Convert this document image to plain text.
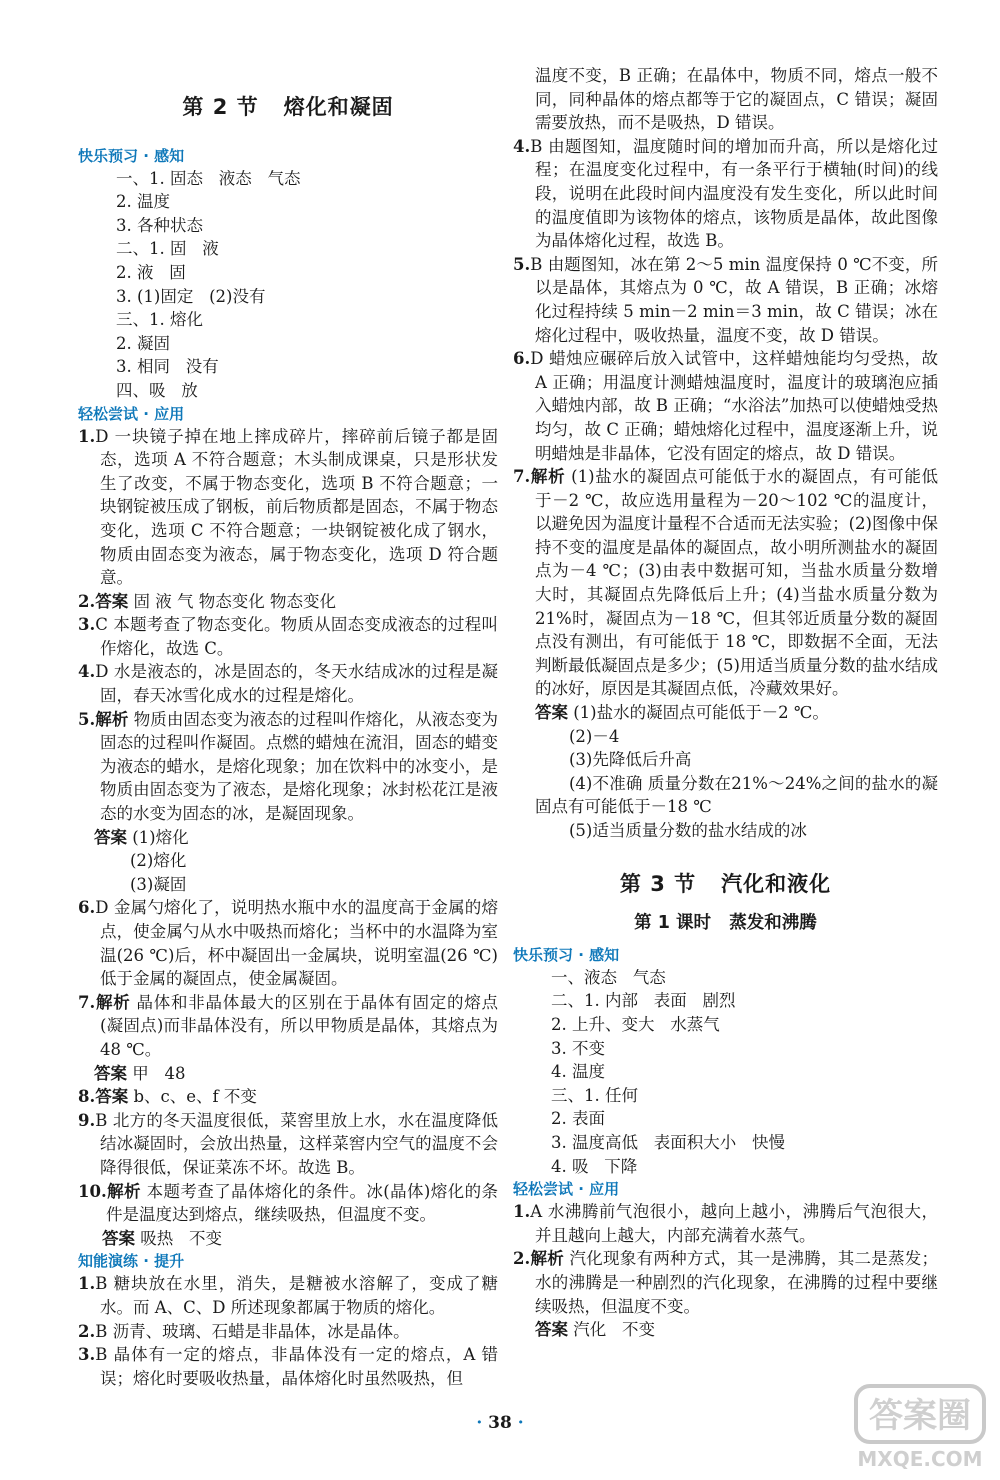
第 2 节   熔化和凝固
快乐预习 · 感知
一、1. 固态   液态   气态
2. 温度
3. 各种状态
二、1. 固   液
2. 液   固
3. (1)固定   (2)没有
三、1. 熔化
2. 凝固
3. 相同   没有
四、吸   放
轻松尝试 · 应用
1.D 一块镜子掉在地上摔成碎片，摔碎前后镜子都是固态，选项 A 不符合题意；木头制成课桌，只是形状发生了改变，不属于物态变化，选项 B 不符合题意；一块钢锭被压成了钢板，前后物质都是固态，不属于物态变化，选项 C 不符合题意；一块钢锭被化成了钢水，物质由固态变为液态，属于物态变化，选项 D 符合题意。
2.答案 固 液 气 物态变化 物态变化
3.C 本题考查了物态变化。物质从固态变成液态的过程叫作熔化，故选 C。
4.D 水是液态的，冰是固态的，冬天水结成冰的过程是凝固，春天冰雪化成水的过程是熔化。
5.解析 物质由固态变为液态的过程叫作熔化，从液态变为固态的过程叫作凝固。点燃的蜡烛在流泪，固态的蜡变为液态的蜡水，是熔化现象；加在饮料中的冰变小，是物质由固态变为了液态，是熔化现象；冰封松花江是液态的水变为固态的冰，是凝固现象。
答案 (1)熔化
(2)熔化
(3)凝固
6.D 金属勺熔化了，说明热水瓶中水的温度高于金属的熔点，使金属勺从水中吸热而熔化；当杯中的水温降为室温(26 ℃)后，杯中凝固出一金属块，说明室温(26 ℃)低于金属的凝固点，使金属凝固。
7.解析 晶体和非晶体最大的区别在于晶体有固定的熔点(凝固点)而非晶体没有，所以甲物质是晶体，其熔点为48 ℃。
答案 甲   48
8.答案 b、c、e、f 不变
9.B 北方的冬天温度很低，菜窖里放上水，水在温度降低结冰凝固时，会放出热量，这样菜窖内空气的温度不会降得很低，保证菜冻不坏。故选 B。
10.解析 本题考查了晶体熔化的条件。冰(晶体)熔化的条件是温度达到熔点，继续吸热，但温度不变。
答案 吸热   不变
知能演练 · 提升
1.B 糖块放在水里，消失，是糖被水溶解了，变成了糖水。而 A、C、D 所述现象都属于物质的熔化。
2.B 沥青、玻璃、石蜡是非晶体，冰是晶体。
3.B 晶体有一定的熔点，非晶体没有一定的熔点，A 错误；熔化时要吸收热量，晶体熔化时虽然吸热，但
温度不变，B 正确；在晶体中，物质不同，熔点一般不同，同种晶体的熔点都等于它的凝固点，C 错误；凝固需要放热，而不是吸热，D 错误。
4.B 由题图知，温度随时间的增加而升高，所以是熔化过程；在温度变化过程中，有一条平行于横轴(时间)的线段，说明在此段时间内温度没有发生变化，所以此时间的温度值即为该物体的熔点，该物质是晶体，故此图像为晶体熔化过程，故选 B。
5.B 由题图知，冰在第 2～5 min 温度保持 0 ℃不变，所以是晶体，其熔点为 0 ℃，故 A 错误，B 正确；冰熔化过程持续 5 min－2 min＝3 min，故 C 错误；冰在熔化过程中，吸收热量，温度不变，故 D 错误。
6.D 蜡烛应碾碎后放入试管中，这样蜡烛能均匀受热，故 A 正确；用温度计测蜡烛温度时，温度计的玻璃泡应插入蜡烛内部，故 B 正确；“水浴法”加热可以使蜡烛受热均匀，故 C 正确；蜡烛熔化过程中，温度逐渐上升，说明蜡烛是非晶体，它没有固定的熔点，故 D 错误。
7.解析 (1)盐水的凝固点可能低于水的凝固点，有可能低于－2 ℃，故应选用量程为－20～102 ℃的温度计，以避免因为温度计量程不合适而无法实验；(2)图像中保持不变的温度是晶体的凝固点，故小明所测盐水的凝固点为－4 ℃；(3)由表中数据可知，当盐水质量分数增大时，其凝固点先降低后上升；(4)当盐水质量分数为 21%时，凝固点为－18 ℃，但其邻近质量分数的凝固点没有测出，有可能低于 18 ℃，即数据不全面，无法判断最低凝固点是多少；(5)用适当质量分数的盐水结成的冰好，原因是其凝固点低，冷藏效果好。
答案 (1)盐水的凝固点可能低于－2 ℃。
(2)－4
(3)先降低后升高
(4)不准确 质量分数在21%～24%之间的盐水的凝固点有可能低于－18 ℃
(5)适当质量分数的盐水结成的冰
第 3 节   汽化和液化
第 1 课时   蒸发和沸腾
快乐预习 · 感知
一、液态   气态
二、1. 内部   表面   剧烈
2. 上升、变大   水蒸气
3. 不变
4. 温度
三、1. 任何
2. 表面
3. 温度高低   表面积大小   快慢
4. 吸   下降
轻松尝试 · 应用
1.A 水沸腾前气泡很小，越向上越小，沸腾后气泡很大，并且越向上越大，内部充满着水蒸气。
2.解析 汽化现象有两种方式，其一是沸腾，其二是蒸发；水的沸腾是一种剧烈的汽化现象，在沸腾的过程中要继续吸热，但温度不变。
答案 汽化   不变
· 38 ·	答案圈
MXQE.COM
